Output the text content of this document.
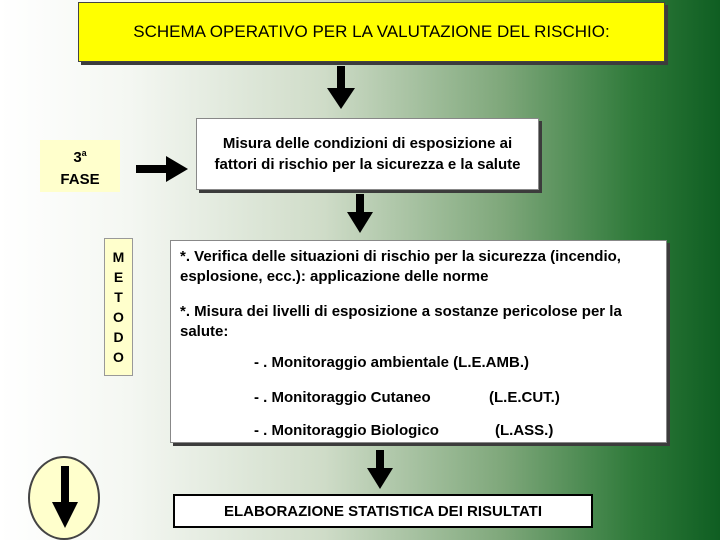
SCHEMA OPERATIVO PER LA VALUTAZIONE DEL RISCHIO:
3$^a$
FASE
Misura delle condizioni di esposizione ai fattori di rischio per la sicurezza e la salute
M
E
T
O
D
O
*. Verifica delle situazioni di rischio per la sicurezza (incendio, esplosione, ecc.): applicazione delle norme
*. Misura dei livelli di esposizione a sostanze pericolose per la salute:
- . Monitoraggio ambientale (L.E.AMB.)
- . Monitoraggio Cutaneo	(L.E.CUT.)
- . Monitoraggio Biologico	(L.ASS.)
ELABORAZIONE STATISTICA DEI RISULTATI
